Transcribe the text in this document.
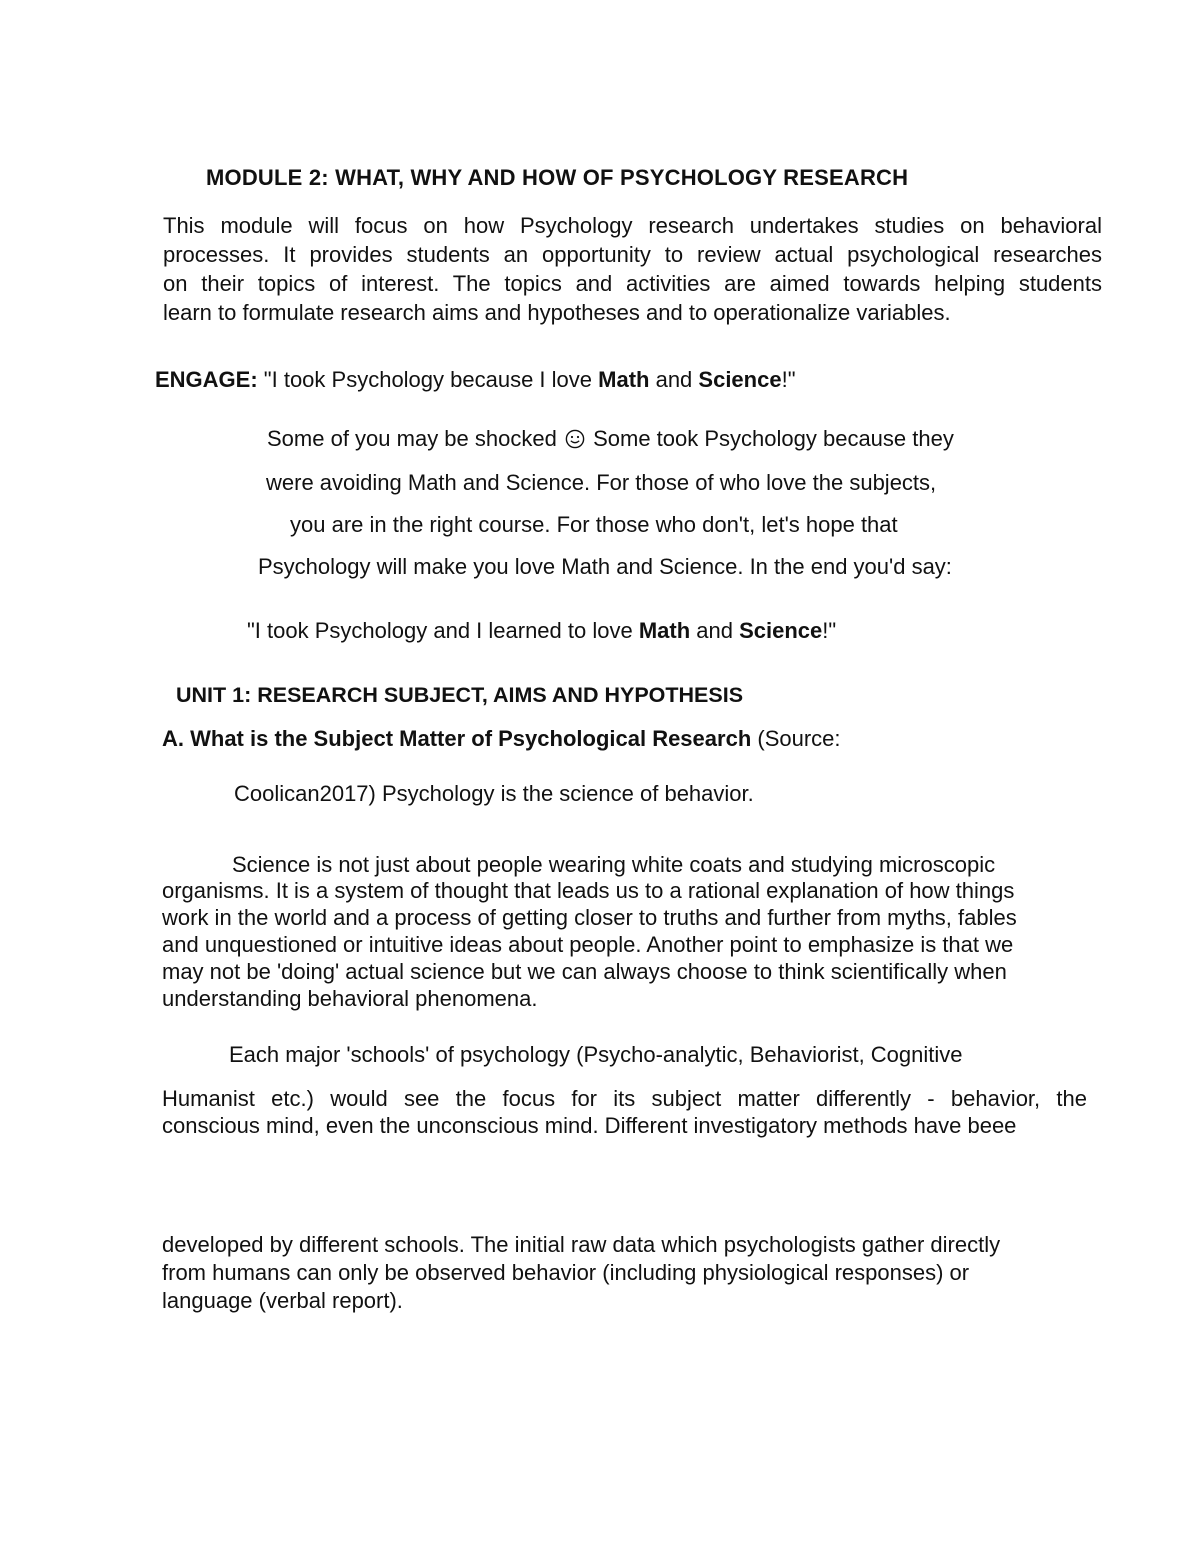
MODULE 2: WHAT, WHY AND HOW OF PSYCHOLOGY RESEARCH
This module will focus on how Psychology research undertakes studies on behavioral
processes. It provides students an opportunity to review actual psychological researches
on their topics of interest. The topics and activities are aimed towards helping students
learn to formulate research aims and hypotheses and to operationalize variables.
ENGAGE: "I took Psychology because I love Math and Science!"
Some of you may be shocked Some took Psychology because they
were avoiding Math and Science. For those of who love the subjects,
you are in the right course. For those who don't, let's hope that
Psychology will make you love Math and Science. In the end you'd say:
"I took Psychology and I learned to love Math and Science!"
UNIT 1: RESEARCH SUBJECT, AIMS AND HYPOTHESIS
A. What is the Subject Matter of Psychological Research (Source:
Coolican2017) Psychology is the science of behavior.
Science is not just about people wearing white coats and studying microscopic
organisms. It is a system of thought that leads us to a rational explanation of how things
work in the world and a process of getting closer to truths and further from myths, fables
and unquestioned or intuitive ideas about people. Another point to emphasize is that we
may not be 'doing' actual science but we can always choose to think scientifically when
understanding behavioral phenomena.
Each major 'schools' of psychology (Psycho-analytic, Behaviorist, Cognitive
Humanist etc.) would see the focus for its subject matter differently - behavior, the
conscious mind, even the unconscious mind. Different investigatory methods have beee
developed by different schools. The initial raw data which psychologists gather directly
from humans can only be observed behavior (including physiological responses) or
language (verbal report).
